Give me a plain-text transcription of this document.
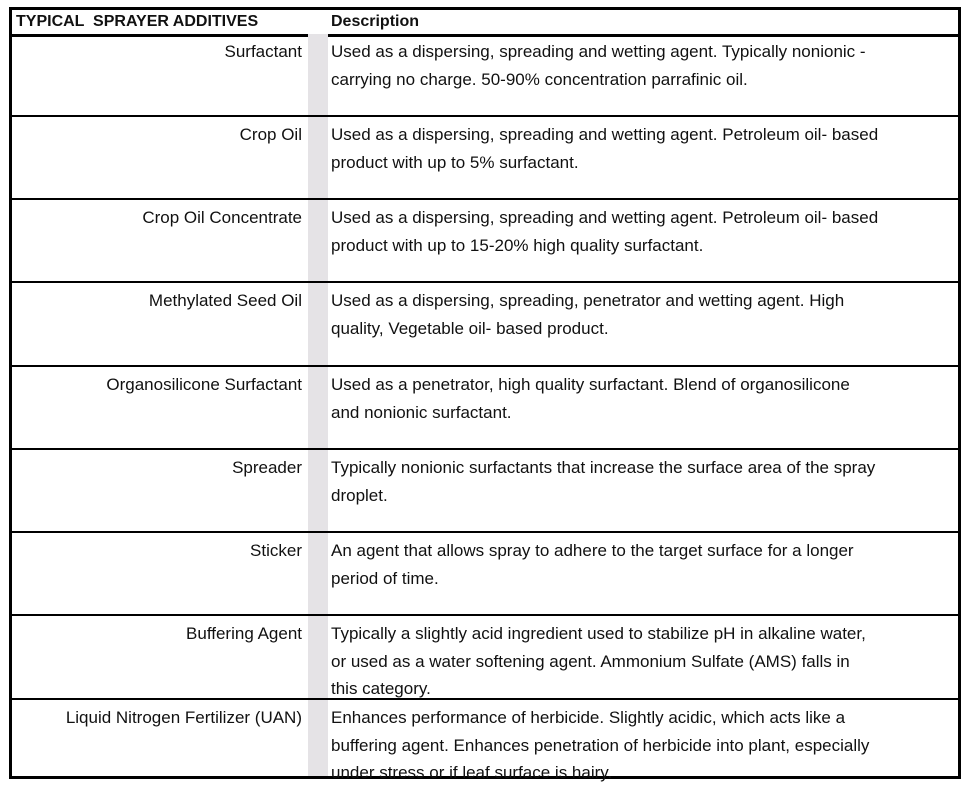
TYPICAL  SPRAYER ADDITIVES	Description
Surfactant Used as a dispersing, spreading and wetting agent. Typically nonionic -
carrying no charge. 50-90% concentration parrafinic oil.
Crop Oil Used as a dispersing, spreading and wetting agent. Petroleum oil- based
product with up to 5% surfactant.
Crop Oil Concentrate Used as a dispersing, spreading and wetting agent. Petroleum oil- based
product with up to 15-20% high quality surfactant.
Methylated Seed Oil Used as a dispersing, spreading, penetrator and wetting agent. High
quality, Vegetable oil- based product.
Organosilicone Surfactant Used as a penetrator, high quality surfactant. Blend of organosilicone
and nonionic surfactant.
Spreader Typically nonionic surfactants that increase the surface area of the spray
droplet.
Sticker An agent that allows spray to adhere to the target surface for a longer
period of time.
Buffering Agent Typically a slightly acid ingredient used to stabilize pH in alkaline water,
or used as a water softening agent. Ammonium Sulfate (AMS) falls in
this category.
Liquid Nitrogen Fertilizer (UAN) Enhances performance of herbicide. Slightly acidic, which acts like a
buffering agent. Enhances penetration of herbicide into plant, especially
under stress or if leaf surface is hairy.
